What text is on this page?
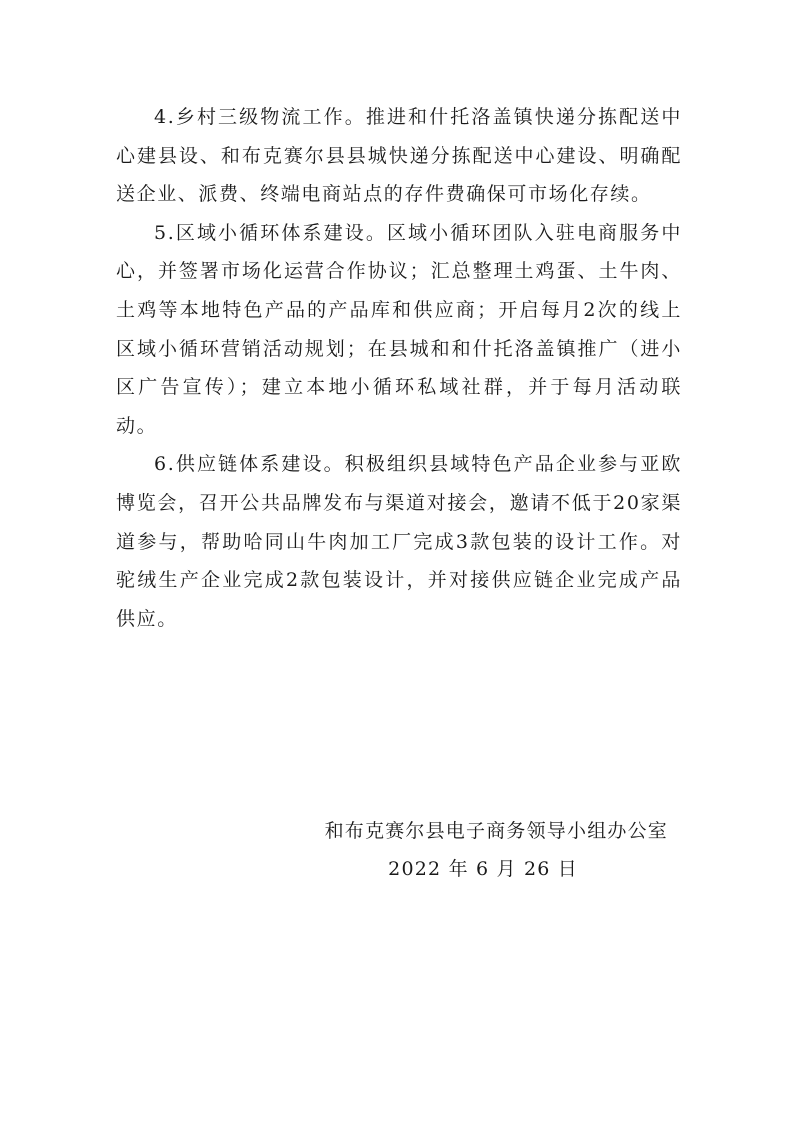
4.乡村三级物流工作。推进和什托洛盖镇快递分拣配送中心建县设、和布克赛尔县县城快递分拣配送中心建设、明确配送企业、派费、终端电商站点的存件费确保可市场化存续。

5.区域小循环体系建设。区域小循环团队入驻电商服务中心，并签署市场化运营合作协议；汇总整理土鸡蛋、土牛肉、土鸡等本地特色产品的产品库和供应商；开启每月2次的线上区域小循环营销活动规划；在县城和和什托洛盖镇推广（进小区广告宣传）；建立本地小循环私域社群，并于每月活动联动。

6.供应链体系建设。积极组织县域特色产品企业参与亚欧博览会，召开公共品牌发布与渠道对接会，邀请不低于20家渠道参与，帮助哈同山牛肉加工厂完成3款包装的设计工作。对驼绒生产企业完成2款包装设计，并对接供应链企业完成产品供应。

和布克赛尔县电子商务领导小组办公室
2022 年 6 月 26 日
